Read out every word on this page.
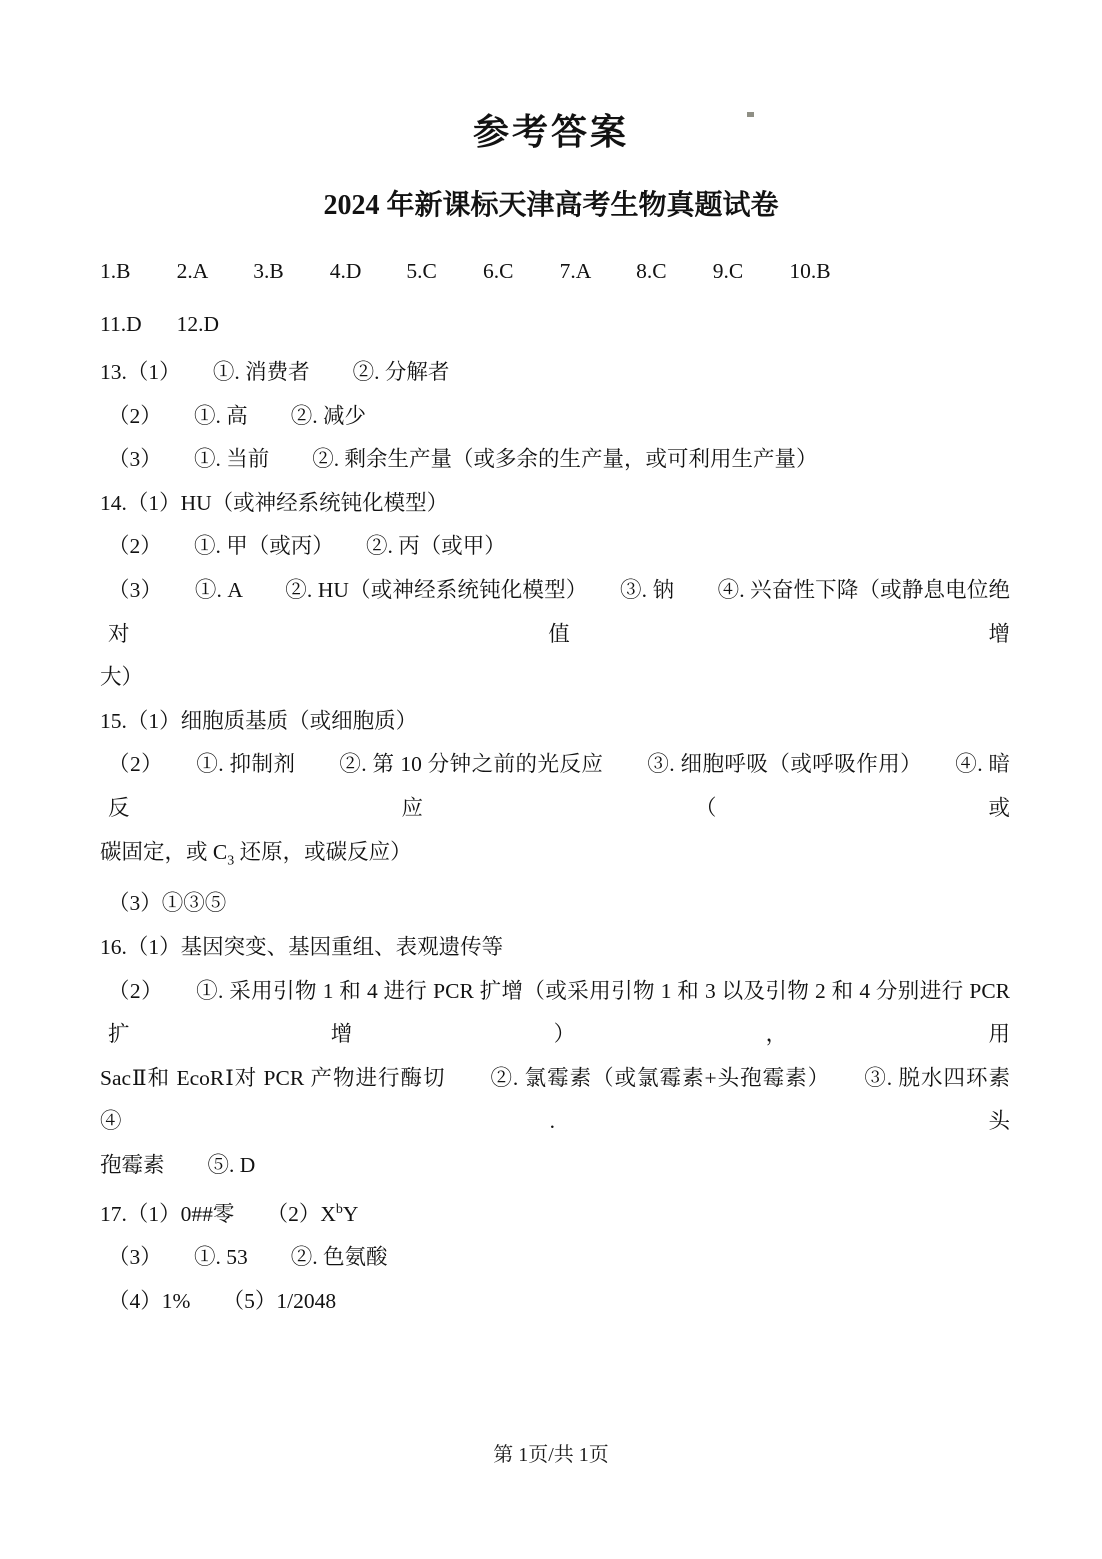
参考答案
2024 年新课标天津高考生物真题试卷
1.B	2.A	3.B	4.D	5.C	6.C	7.A	8.C	9.C	10.B
11.D	12.D

13.（1）　　①. 消费者　　②. 分解者

（2）　　①. 高　　②. 减少

（3）　　①. 当前　　②. 剩余生产量（或多余的生产量，或可利用生产量）

14.（1）HU（或神经系统钝化模型）

（2）　　①. 甲（或丙）　　②. 丙（或甲）

（3）　　①. A　　②. HU（或神经系统钝化模型）　　③. 钠　　④. 兴奋性下降（或静息电位绝对值增

大）

15.（1）细胞质基质（或细胞质）

（2）　　①. 抑制剂　　②. 第 10 分钟之前的光反应　　③. 细胞呼吸（或呼吸作用）　　④. 暗反应（或

碳固定，或 $C_3$ 还原，或碳反应）

（3）①③⑤

16.（1）基因突变、基因重组、表观遗传等

（2）　　①. 采用引物 1 和 4 进行 PCR 扩增（或采用引物 1 和 3 以及引物 2 和 4 分别进行 PCR 扩增），用

SacⅡ和 EcoRⅠ对 PCR 产物进行酶切　　②. 氯霉素（或氯霉素+头孢霉素）　　③. 脱水四环素　　④. 头

孢霉素　　⑤. D

17.（1）0##零　　$(2)X^bY$

（3）　　①. 53　　②. 色氨酸

（4）1%　　（5）1/2048

第 1页/共 1页
